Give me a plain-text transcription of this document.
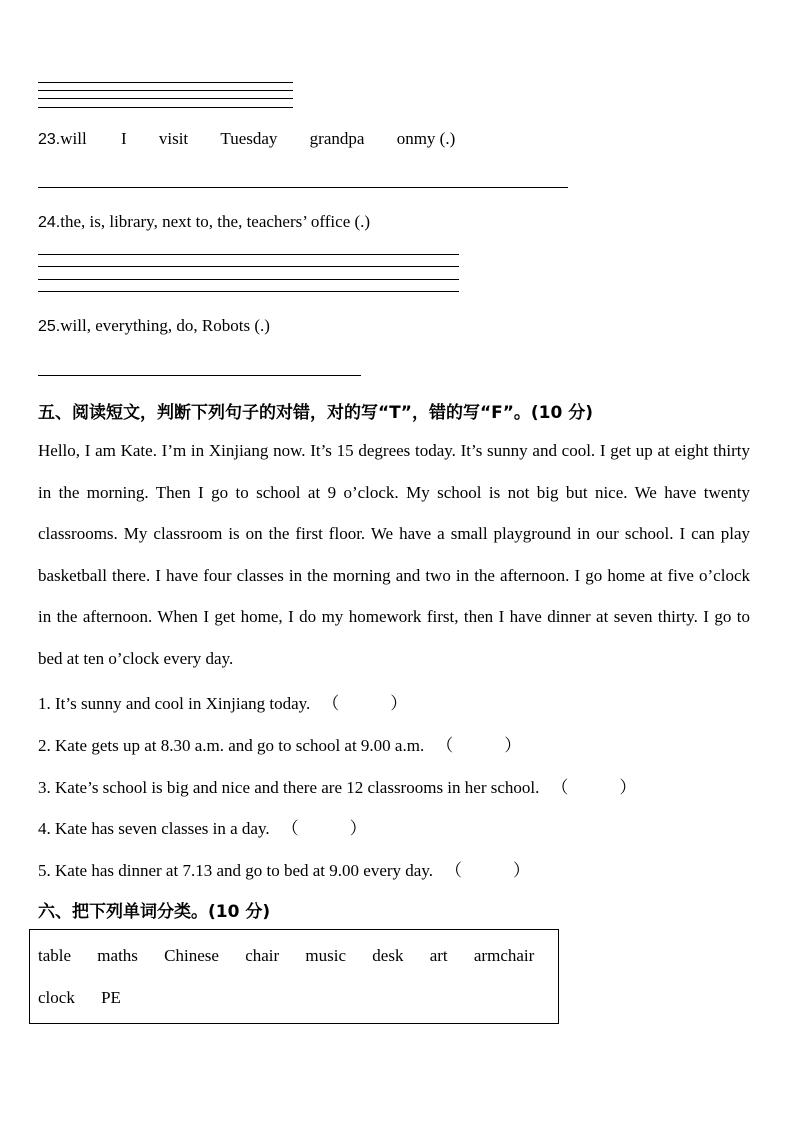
23.will I visit Tuesday grandpa onmy (.)
24.the, is, library, next to, the, teachers’ office (.)
25.will, everything, do, Robots (.)
五、阅读短文，判断下列句子的对错，对的写“T”，错的写“F”。(10 分)
Hello, I am Kate. I’m in Xinjiang now. It’s 15 degrees today. It’s sunny and cool. I get up at eight thirty in the morning. Then I go to school at 9 o’clock. My school is not big but nice. We have twenty classrooms. My classroom is on the first floor. We have a small playground in our school. I can play basketball there. I have four classes in the morning and two in the afternoon. I go home at five o’clock in the afternoon. When I get home, I do my homework first, then I have dinner at seven thirty. I go to bed at ten o’clock every day.
1. It’s sunny and cool in Xinjiang today. （　　　）
2. Kate gets up at 8.30 a.m. and go to school at 9.00 a.m. （　　　）
3. Kate’s school is big and nice and there are 12 classrooms in her school. （　　　）
4. Kate has seven classes in a day. （　　　）
5. Kate has dinner at 7.13 and go to bed at 9.00 every day. （　　　）
六、把下列单词分类。(10 分)
table maths Chinese chair music desk art armchair
clock PE
